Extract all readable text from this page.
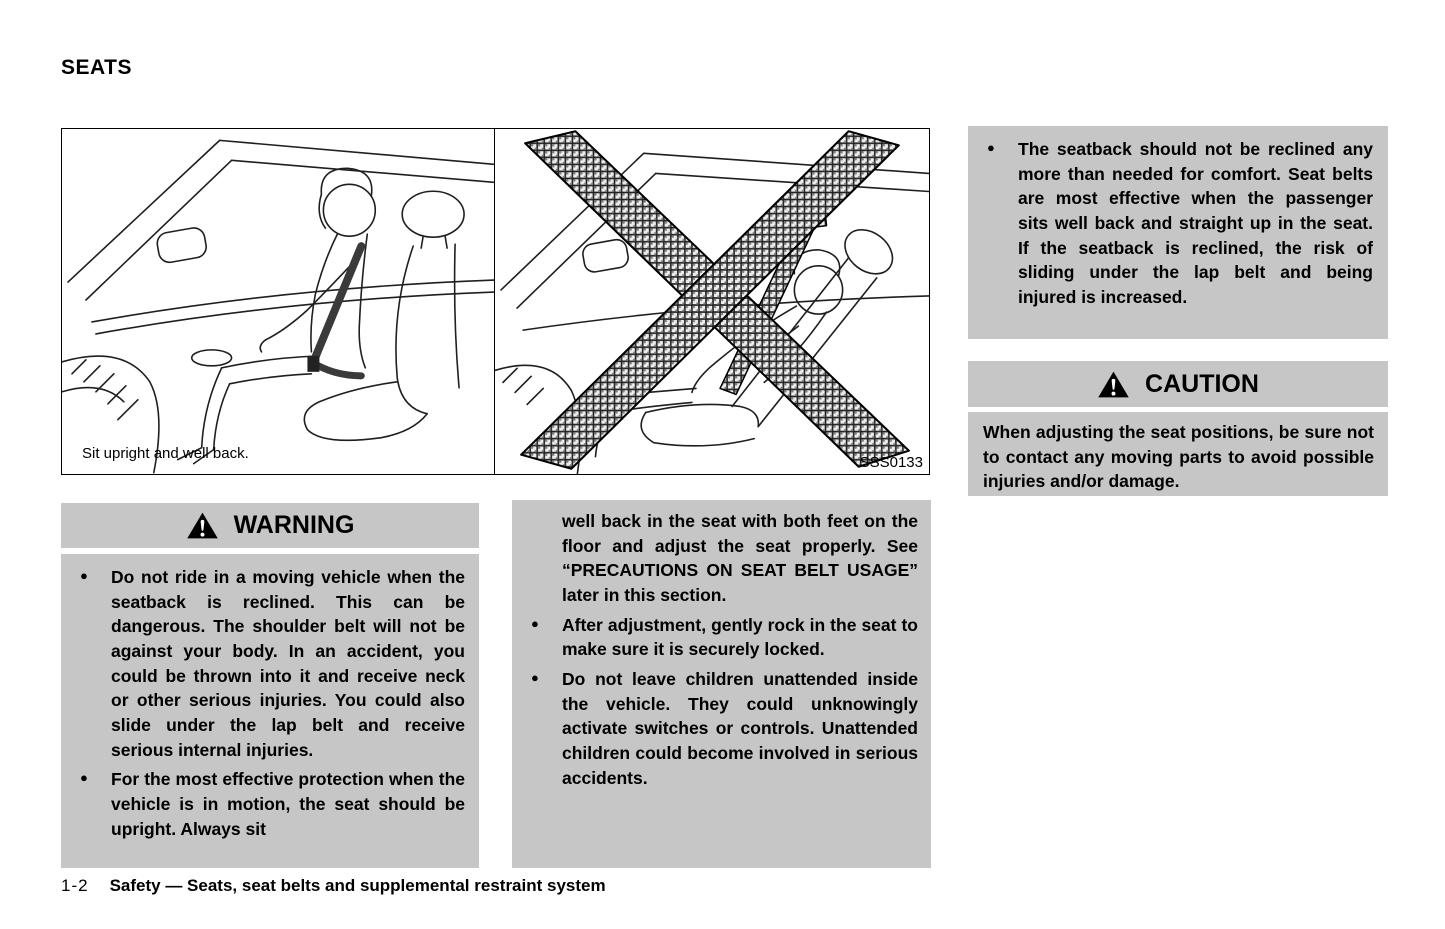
SEATS
Sit upright and well back.
SSS0133
● The seatback should not be reclined any more than needed for comfort. Seat belts are most effective when the passenger sits well back and straight up in the seat. If the seatback is reclined, the risk of sliding under the lap belt and being injured is increased.

CAUTION

When adjusting the seat positions, be sure not to contact any moving parts to avoid possible injuries and/or damage.

WARNING
● Do not ride in a moving vehicle when the seatback is reclined. This can be dangerous. The shoulder belt will not be against your body. In an accident, you could be thrown into it and receive neck or other serious injuries. You could also slide under the lap belt and receive serious internal injuries.

● For the most effective protection when the vehicle is in motion, the seat should be upright. Always sit

well back in the seat with both feet on the floor and adjust the seat properly. See “PRECAUTIONS ON SEAT BELT USAGE” later in this section.

● After adjustment, gently rock in the seat to make sure it is securely locked.

● Do not leave children unattended inside the vehicle. They could unknowingly activate switches or controls. Unattended children could become involved in serious accidents.

1-2 Safety — Seats, seat belts and supplemental restraint system
